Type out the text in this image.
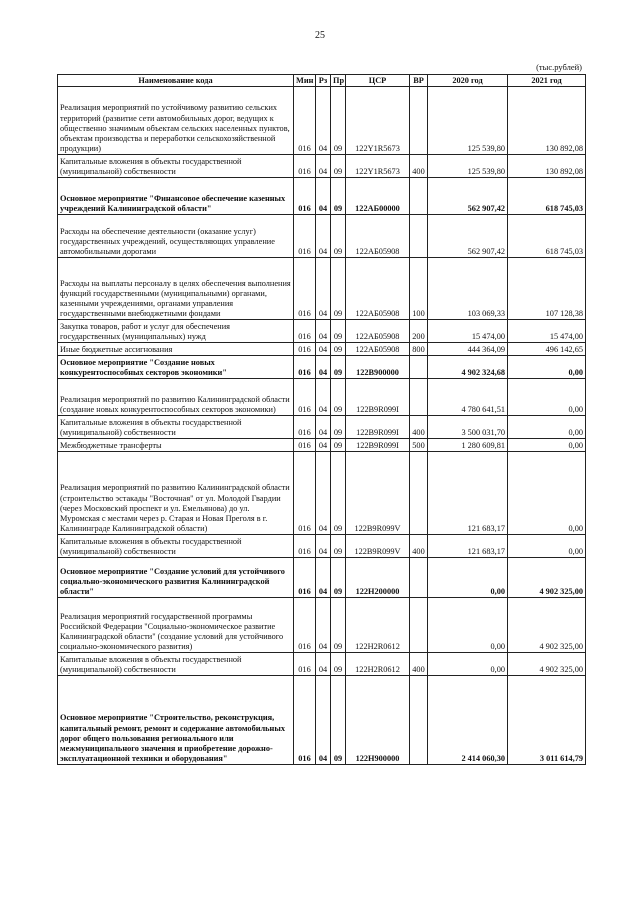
25
(тыс.рублей)
Наименование кода	Мин	Рз	Пр	ЦСР	ВР	2020 год	2021 год
Реализация мероприятий по устойчивому развитию сельских территорий (развитие сети автомобильных дорог, ведущих к общественно значимым объектам сельских населенных пунктов, объектам производства и переработки сельскохозяйственной продукции)	016	04	09	122Y1R5673		125 539,80	130 892,08
Капитальные вложения в объекты государственной (муниципальной) собственности	016	04	09	122Y1R5673	400	125 539,80	130 892,08
Основное мероприятие "Финансовое обеспечение казенных учреждений Калининградской области"	016	04	09	122АБ00000		562 907,42	618 745,03
Расходы на обеспечение деятельности (оказание услуг) государственных учреждений, осуществляющих управление автомобильными дорогами	016	04	09	122АБ05908		562 907,42	618 745,03
Расходы на выплаты персоналу в целях обеспечения выполнения функций государственными (муниципальными) органами, казенными учреждениями, органами управления государственными внебюджетными фондами	016	04	09	122АБ05908	100	103 069,33	107 128,38
Закупка товаров, работ и услуг для обеспечения государственных (муниципальных) нужд	016	04	09	122АБ05908	200	15 474,00	15 474,00
Иные бюджетные ассигнования	016	04	09	122АБ05908	800	444 364,09	496 142,65
Основное мероприятие "Создание новых конкурентоспособных секторов экономики"	016	04	09	122В900000		4 902 324,68	0,00
Реализация мероприятий по развитию Калининградской области (создание новых конкурентоспособных секторов экономики)	016	04	09	122В9R099I		4 780 641,51	0,00
Капитальные вложения в объекты государственной (муниципальной) собственности	016	04	09	122В9R099I	400	3 500 031,70	0,00
Межбюджетные трансферты	016	04	09	122В9R099I	500	1 280 609,81	0,00
Реализация мероприятий по развитию Калининградской области (строительство эстакады "Восточная" от ул. Молодой Гвардии (через Московский проспект и ул. Емельянова) до ул. Муромская с местами через р. Старая и Новая Преголя в г. Калининграде Калининградской области)	016	04	09	122В9R099V		121 683,17	0,00
Капитальные вложения в объекты государственной (муниципальной) собственности	016	04	09	122В9R099V	400	121 683,17	0,00
Основное мероприятие "Создание условий для устойчивого социально-экономического развития Калининградской области"	016	04	09	122Н200000		0,00	4 902 325,00
Реализация мероприятий государственной программы Российской Федерации "Социально-экономическое развитие Калининградской области" (создание условий для устойчивого социально-экономического развития)	016	04	09	122Н2R0612		0,00	4 902 325,00
Капитальные вложения в объекты государственной (муниципальной) собственности	016	04	09	122Н2R0612	400	0,00	4 902 325,00
Основное мероприятие "Строительство, реконструкция, капитальный ремонт, ремонт и содержание автомобильных дорог общего пользования регионального или межмуниципального значения и приобретение дорожно-эксплуатационной техники и оборудования"	016	04	09	122Н900000		2 414 060,30	3 011 614,79
